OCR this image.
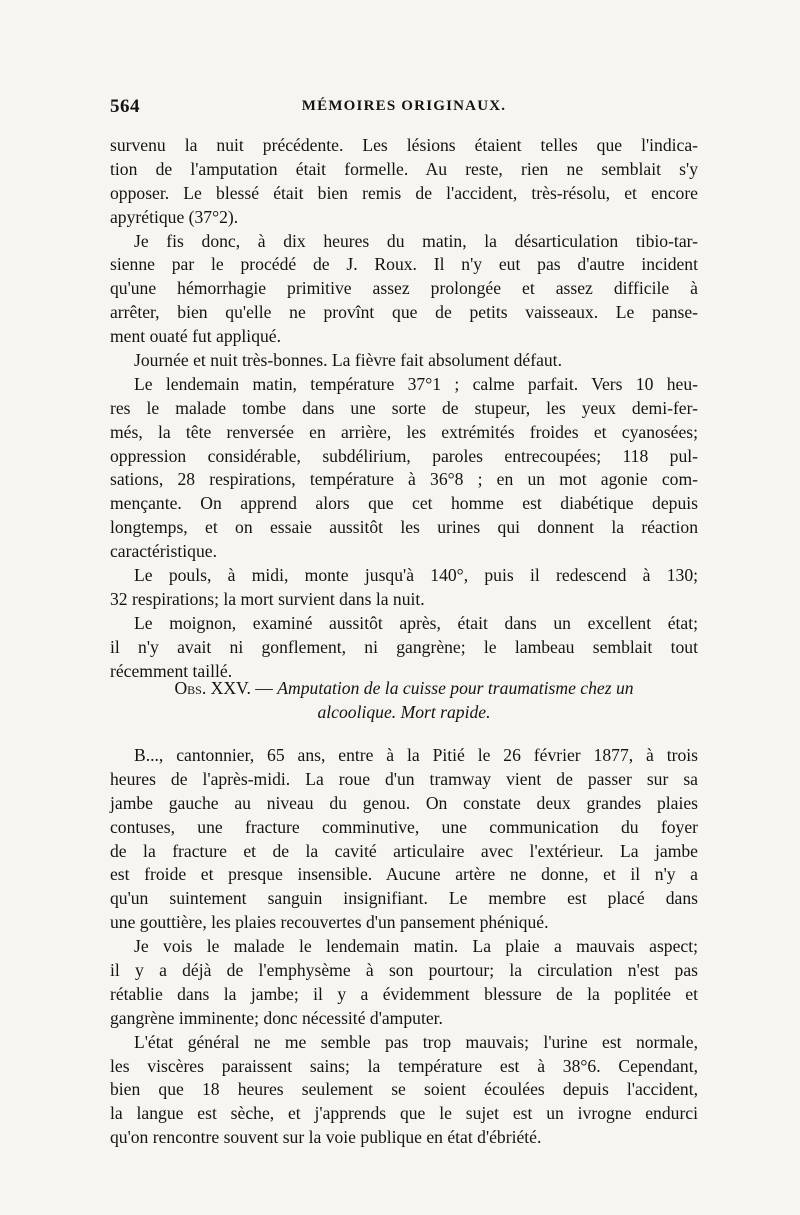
564	MÉMOIRES ORIGINAUX.
survenu la nuit précédente. Les lésions étaient telles que l'indica-
tion de l'amputation était formelle. Au reste, rien ne semblait s'y
opposer. Le blessé était bien remis de l'accident, très-résolu, et encore
apyrétique (37°2).
Je fis donc, à dix heures du matin, la désarticulation tibio-tar-
sienne par le procédé de J. Roux. Il n'y eut pas d'autre incident
qu'une hémorrhagie primitive assez prolongée et assez difficile à
arrêter, bien qu'elle ne provînt que de petits vaisseaux. Le panse-
ment ouaté fut appliqué.
Journée et nuit très-bonnes. La fièvre fait absolument défaut.
Le lendemain matin, température 37°1 ; calme parfait. Vers 10 heu-
res le malade tombe dans une sorte de stupeur, les yeux demi-fer-
més, la tête renversée en arrière, les extrémités froides et cyanosées;
oppression considérable, subdélirium, paroles entrecoupées; 118 pul-
sations, 28 respirations, température à 36°8 ; en un mot agonie com-
mençante. On apprend alors que cet homme est diabétique depuis
longtemps, et on essaie aussitôt les urines qui donnent la réaction
caractéristique.
Le pouls, à midi, monte jusqu'à 140°, puis il redescend à 130;
32 respirations; la mort survient dans la nuit.
Le moignon, examiné aussitôt après, était dans un excellent état;
il n'y avait ni gonflement, ni gangrène; le lambeau semblait tout
récemment taillé.
Obs. XXV. — Amputation de la cuisse pour traumatisme chez un
alcoolique. Mort rapide.
B..., cantonnier, 65 ans, entre à la Pitié le 26 février 1877, à trois
heures de l'après-midi. La roue d'un tramway vient de passer sur sa
jambe gauche au niveau du genou. On constate deux grandes plaies
contuses, une fracture comminutive, une communication du foyer
de la fracture et de la cavité articulaire avec l'extérieur. La jambe
est froide et presque insensible. Aucune artère ne donne, et il n'y a
qu'un suintement sanguin insignifiant. Le membre est placé dans
une gouttière, les plaies recouvertes d'un pansement phéniqué.
Je vois le malade le lendemain matin. La plaie a mauvais aspect;
il y a déjà de l'emphysème à son pourtour; la circulation n'est pas
rétablie dans la jambe; il y a évidemment blessure de la poplitée et
gangrène imminente; donc nécessité d'amputer.
L'état général ne me semble pas trop mauvais; l'urine est normale,
les viscères paraissent sains; la température est à 38°6. Cependant,
bien que 18 heures seulement se soient écoulées depuis l'accident,
la langue est sèche, et j'apprends que le sujet est un ivrogne endurci
qu'on rencontre souvent sur la voie publique en état d'ébriété.
